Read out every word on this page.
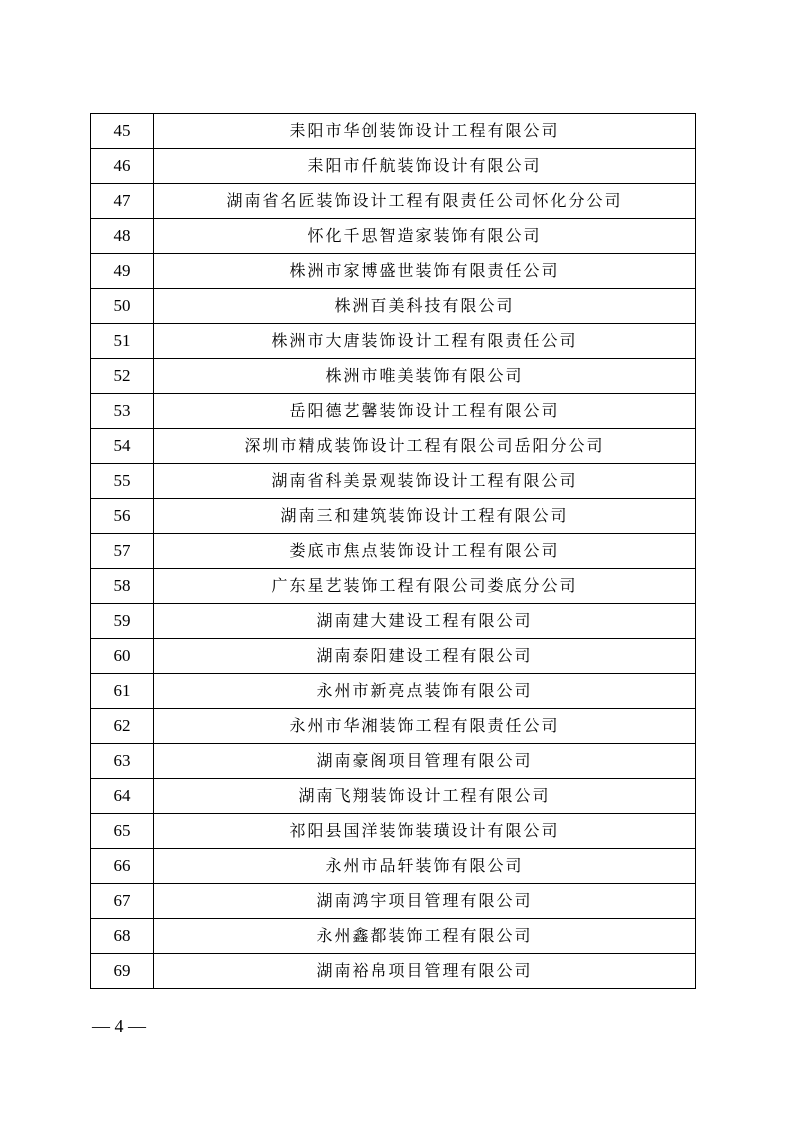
45	耒阳市华创装饰设计工程有限公司
46	耒阳市仟航装饰设计有限公司
47	湖南省名匠装饰设计工程有限责任公司怀化分公司
48	怀化千思智造家装饰有限公司
49	株洲市家博盛世装饰有限责任公司
50	株洲百美科技有限公司
51	株洲市大唐装饰设计工程有限责任公司
52	株洲市唯美装饰有限公司
53	岳阳德艺馨装饰设计工程有限公司
54	深圳市精成装饰设计工程有限公司岳阳分公司
55	湖南省科美景观装饰设计工程有限公司
56	湖南三和建筑装饰设计工程有限公司
57	娄底市焦点装饰设计工程有限公司
58	广东星艺装饰工程有限公司娄底分公司
59	湖南建大建设工程有限公司
60	湖南泰阳建设工程有限公司
61	永州市新亮点装饰有限公司
62	永州市华湘装饰工程有限责任公司
63	湖南豪阁项目管理有限公司
64	湖南飞翔装饰设计工程有限公司
65	祁阳县国洋装饰装璜设计有限公司
66	永州市品轩装饰有限公司
67	湖南鸿宇项目管理有限公司
68	永州鑫都装饰工程有限公司
69	湖南裕帛项目管理有限公司
— 4 —
